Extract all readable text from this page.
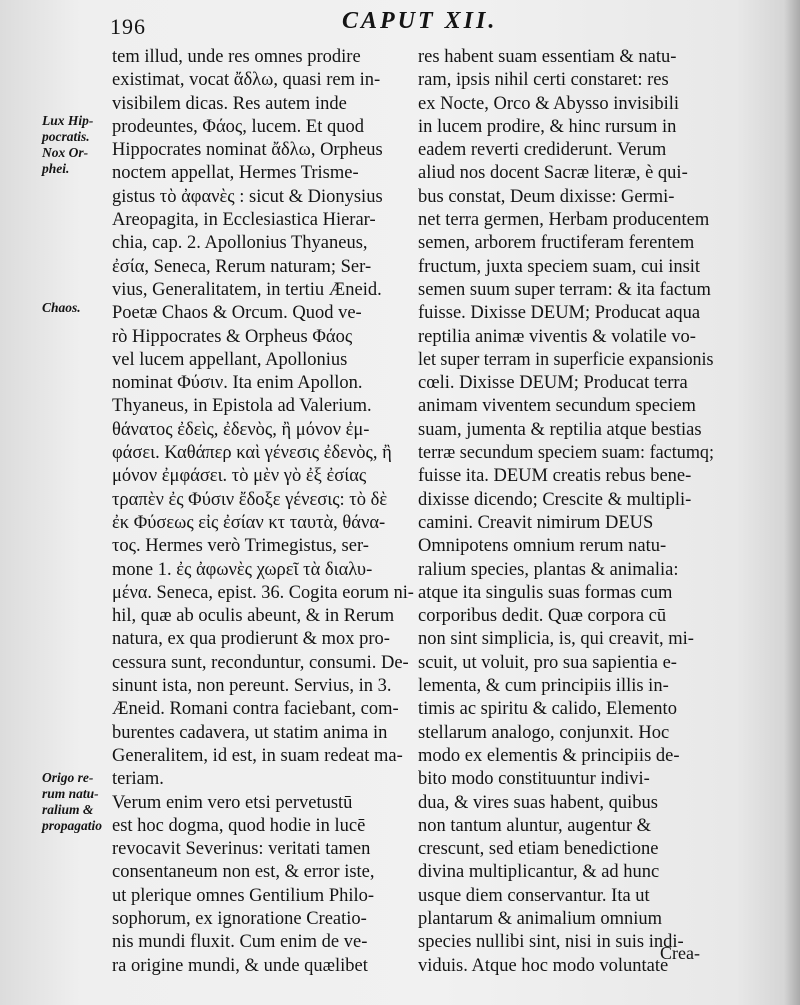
196	CAPUT XII.
Lux Hip-
pocratis.
Nox Or-
phei.
Chaos.
Origo re-
rum natu-
ralium &
propagatio
tem illud, unde res omnes prodire
existimat, vocat ἄδλω, quasi rem in-
visibilem dicas. Res autem inde
prodeuntes, Φάος, lucem. Et quod
Hippocrates nominat ἄδλω, Orpheus
noctem appellat, Hermes Trisme-
gistus τὸ ἀφανὲς : sicut & Dionysius
Areopagita, in Ecclesiastica Hierar-
chia, cap. 2. Apollonius Thyaneus,
ἐσία, Seneca, Rerum naturam; Ser-
vius, Generalitatem, in tertiu Æneid.
Poetæ Chaos & Orcum. Quod ve-
rò Hippocrates & Orpheus Φάος
vel lucem appellant, Apollonius
nominat Φύσιν. Ita enim Apollon.
Thyaneus, in Epistola ad Valerium.
θάνατος ἐδεὶς, ἐδενὸς, ἢ μόνον ἐμ-
φάσει. Καθάπερ καὶ γένεσις ἐδενὸς, ἢ
μόνον ἐμφάσει. τὸ μὲν γὸ ἐξ ἐσίας
τραπὲν ἐς Φύσιν ἔδοξε γένεσις: τὸ δὲ
ἐκ Φύσεως εἰς ἐσίαν κτ ταυτὰ, θάνα-
τος. Hermes verò Trimegistus, ser-
mone 1. ἐς ἀφωνὲς χωρεῖ τὰ διαλυ-
μένα. Seneca, epist. 36. Cogita eorum ni-
hil, quæ ab oculis abeunt, & in Rerum
natura, ex qua prodierunt & mox pro-
cessura sunt, reconduntur, consumi. De-
sinunt ista, non pereunt. Servius, in 3.
Æneid. Romani contra faciebant, com-
burentes cadavera, ut statim anima in
Generalitem, id est, in suam redeat ma-
teriam.
Verum enim vero etsi pervetustū
est hoc dogma, quod hodie in lucē
revocavit Severinus: veritati tamen
consentaneum non est, & error iste,
ut plerique omnes Gentilium Philo-
sophorum, ex ignoratione Creatio-
nis mundi fluxit. Cum enim de ve-
ra origine mundi, & unde quælibet
res habent suam essentiam & natu-
ram, ipsis nihil certi constaret: res
ex Nocte, Orco & Abysso invisibili
in lucem prodire, & hinc rursum in
eadem reverti crediderunt. Verum
aliud nos docent Sacræ literæ, è qui-
bus constat, Deum dixisse: Germi-
net terra germen, Herbam producentem
semen, arborem fructiferam ferentem
fructum, juxta speciem suam, cui insit
semen suum super terram: & ita factum
fuisse. Dixisse DEUM; Producat aqua
reptilia animæ viventis & volatile vo-
let super terram in superficie expansionis
cœli. Dixisse DEUM; Producat terra
animam viventem secundum speciem
suam, jumenta & reptilia atque bestias
terræ secundum speciem suam: factumq;
fuisse ita. DEUM creatis rebus bene-
dixisse dicendo; Crescite & multipli-
camini. Creavit nimirum DEUS
Omnipotens omnium rerum natu-
ralium species, plantas & animalia:
atque ita singulis suas formas cum
corporibus dedit. Quæ corpora cū
non sint simplicia, is, qui creavit, mi-
scuit, ut voluit, pro sua sapientia e-
lementa, & cum principiis illis in-
timis ac spiritu & calido, Elemento
stellarum analogo, conjunxit. Hoc
modo ex elementis & principiis de-
bito modo constituuntur indivi-
dua, & vires suas habent, quibus
non tantum aluntur, augentur &
crescunt, sed etiam benedictione
divina multiplicantur, & ad hunc
usque diem conservantur. Ita ut
plantarum & animalium omnium
species nullibi sint, nisi in suis indi-
viduis. Atque hoc modo voluntate
Crea-
